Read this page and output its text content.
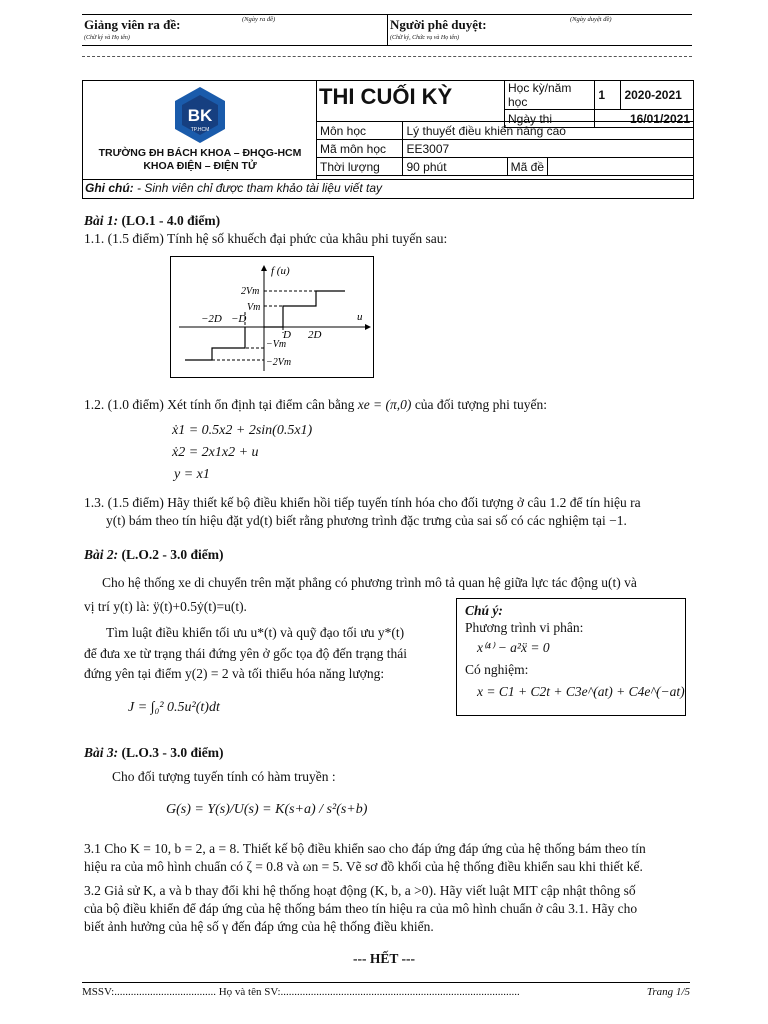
Giảng viên ra đề:	(Ngày ra đề)
(Chữ ký và Họ tên)
Người phê duyệt:	(Ngày duyệt đề)
(Chữ ký, Chức vụ và Họ tên)
BK
TP.HCM
TRƯỜNG ĐH BÁCH KHOA – ĐHQG-HCM
KHOA ĐIỆN – ĐIỆN TỬ
THI CUỐI KỲ	Học kỳ/năm học	1	2020-2021
Ngày thi	16/01/2021	
Môn học	Lý thuyết điều khiển nâng cao		
Mã môn học	EE3007		
Thời lượng	90 phút	Mã đề	
Ghi chú: - Sinh viên chỉ được tham khảo tài liệu viết tay
Bài 1: (LO.1 - 4.0 điểm)
1.1. (1.5 điểm) Tính hệ số khuếch đại phức của khâu phi tuyến sau:
f (u)
u
2Vm
Vm
−Vm
−2Vm
−2D −D
D 2D
1.2. (1.0 điểm) Xét tính ổn định tại điểm cân bằng xe = (π,0) của đối tượng phi tuyến:
ẋ1 = 0.5x2 + 2sin(0.5x1)
ẋ2 = 2x1x2 + u
y = x1
1.3. (1.5 điểm) Hãy thiết kế bộ điều khiển hồi tiếp tuyến tính hóa cho đối tượng ở câu 1.2 để tín hiệu ra
y(t) bám theo tín hiệu đặt yd(t) biết rằng phương trình đặc trưng của sai số có các nghiệm tại −1.
Bài 2: (L.O.2 - 3.0 điểm)
Cho hệ thống xe di chuyển trên mặt phẳng có phương trình mô tả quan hệ giữa lực tác động u(t) và
vị trí y(t) là: ÿ(t)+0.5ẏ(t)=u(t).
Tìm luật điều khiển tối ưu u*(t) và quỹ đạo tối ưu y*(t)
để đưa xe từ trạng thái đứng yên ở gốc tọa độ đến trạng thái
đứng yên tại điểm y(2) = 2 và tối thiểu hóa năng lượng:
J = ∫₀² 0.5u²(t)dt
Chú ý:
Phương trình vi phân:
x⁽⁴⁾ − a²ẍ = 0
Có nghiệm:
x = C1 + C2t + C3e^(at) + C4e^(−at)
Bài 3: (L.O.3 - 3.0 điểm)
Cho đối tượng tuyến tính có hàm truyền :
G(s) = Y(s)/U(s) = K(s+a) / s²(s+b)
3.1 Cho K = 10, b = 2, a = 8. Thiết kế bộ điều khiển sao cho đáp ứng đáp ứng của hệ thống bám theo tín
hiệu ra của mô hình chuẩn có ζ = 0.8 và ωn = 5. Vẽ sơ đồ khối của hệ thống điều khiển sau khi thiết kế.
3.2 Giả sử K, a và b thay đổi khi hệ thống hoạt động (K, b, a >0). Hãy viết luật MIT cập nhật thông số
của bộ điều khiển để đáp ứng của hệ thống bám theo tín hiệu ra của mô hình chuẩn ở câu 3.1. Hãy cho
biết ảnh hưởng của hệ số γ đến đáp ứng của hệ thống điều khiển.
--- HẾT ---
MSSV:..................................... Họ và tên SV:.......................................................................................	Trang 1/5
